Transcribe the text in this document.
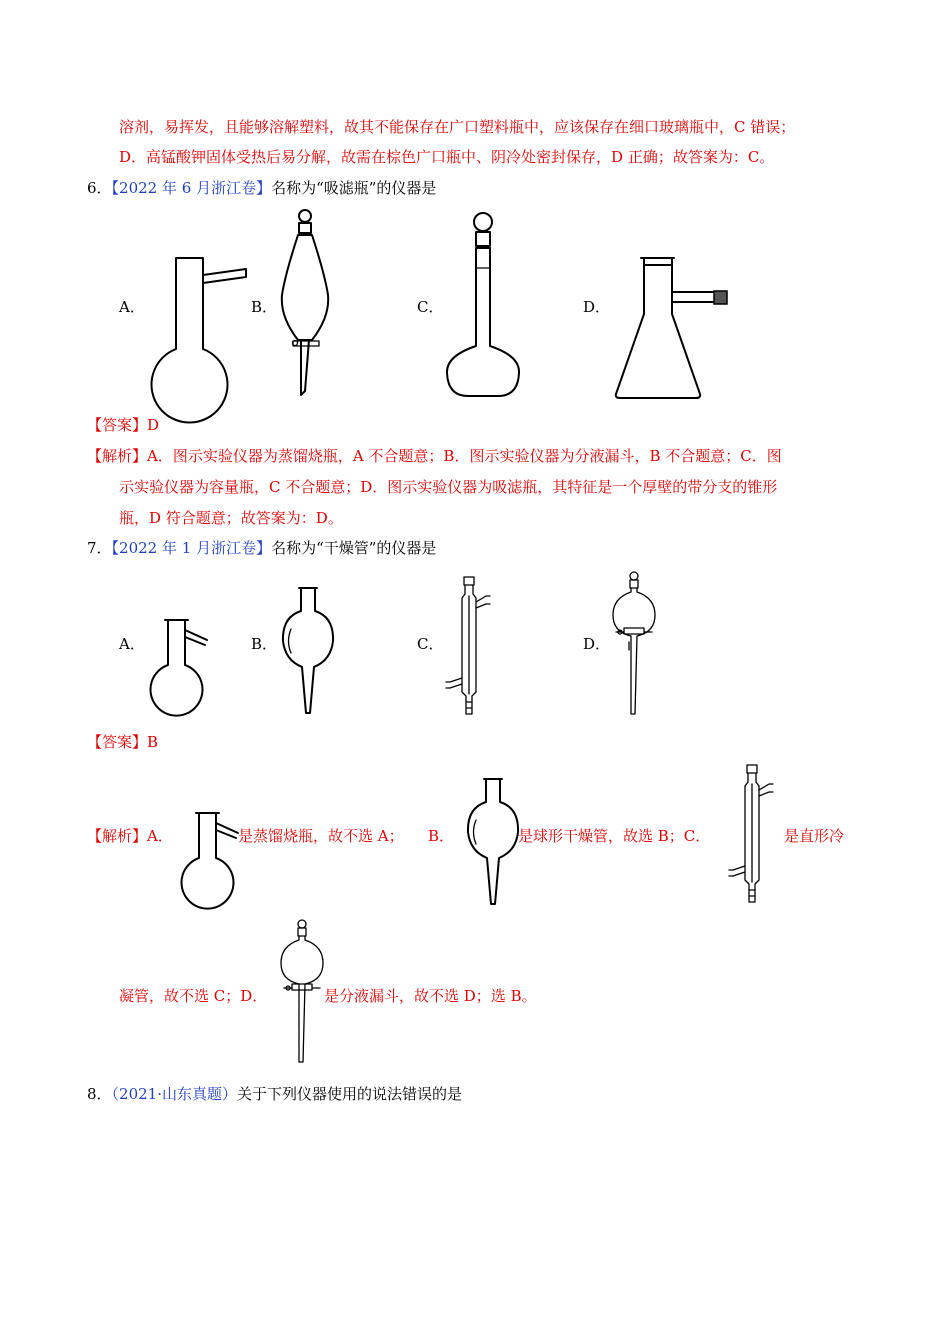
溶剂，易挥发，且能够溶解塑料，故其不能保存在广口塑料瓶中，应该保存在细口玻璃瓶中，C 错误；
D．高锰酸钾固体受热后易分解，故需在棕色广口瓶中、阴冷处密封保存，D 正确；故答案为：C。
6．【2022 年 6 月浙江卷】名称为“吸滤瓶”的仪器是
A．	B．	C．	D．
【答案】D
【解析】A．图示实验仪器为蒸馏烧瓶，A 不合题意；B．图示实验仪器为分液漏斗，B 不合题意；C．图
示实验仪器为容量瓶，C 不合题意；D．图示实验仪器为吸滤瓶，其特征是一个厚壁的带分支的锥形
瓶，D 符合题意；故答案为：D。
7．【2022 年 1 月浙江卷】名称为“干燥管”的仪器是
A．	B．	C．	D．
【答案】B
【解析】A．	是蒸馏烧瓶，故不选 A； B．	是球形干燥管，故选 B；C．	是直形冷
凝管，故不选 C；D．	是分液漏斗，故不选 D；选 B。
8．（2021·山东真题）关于下列仪器使用的说法错误的是
